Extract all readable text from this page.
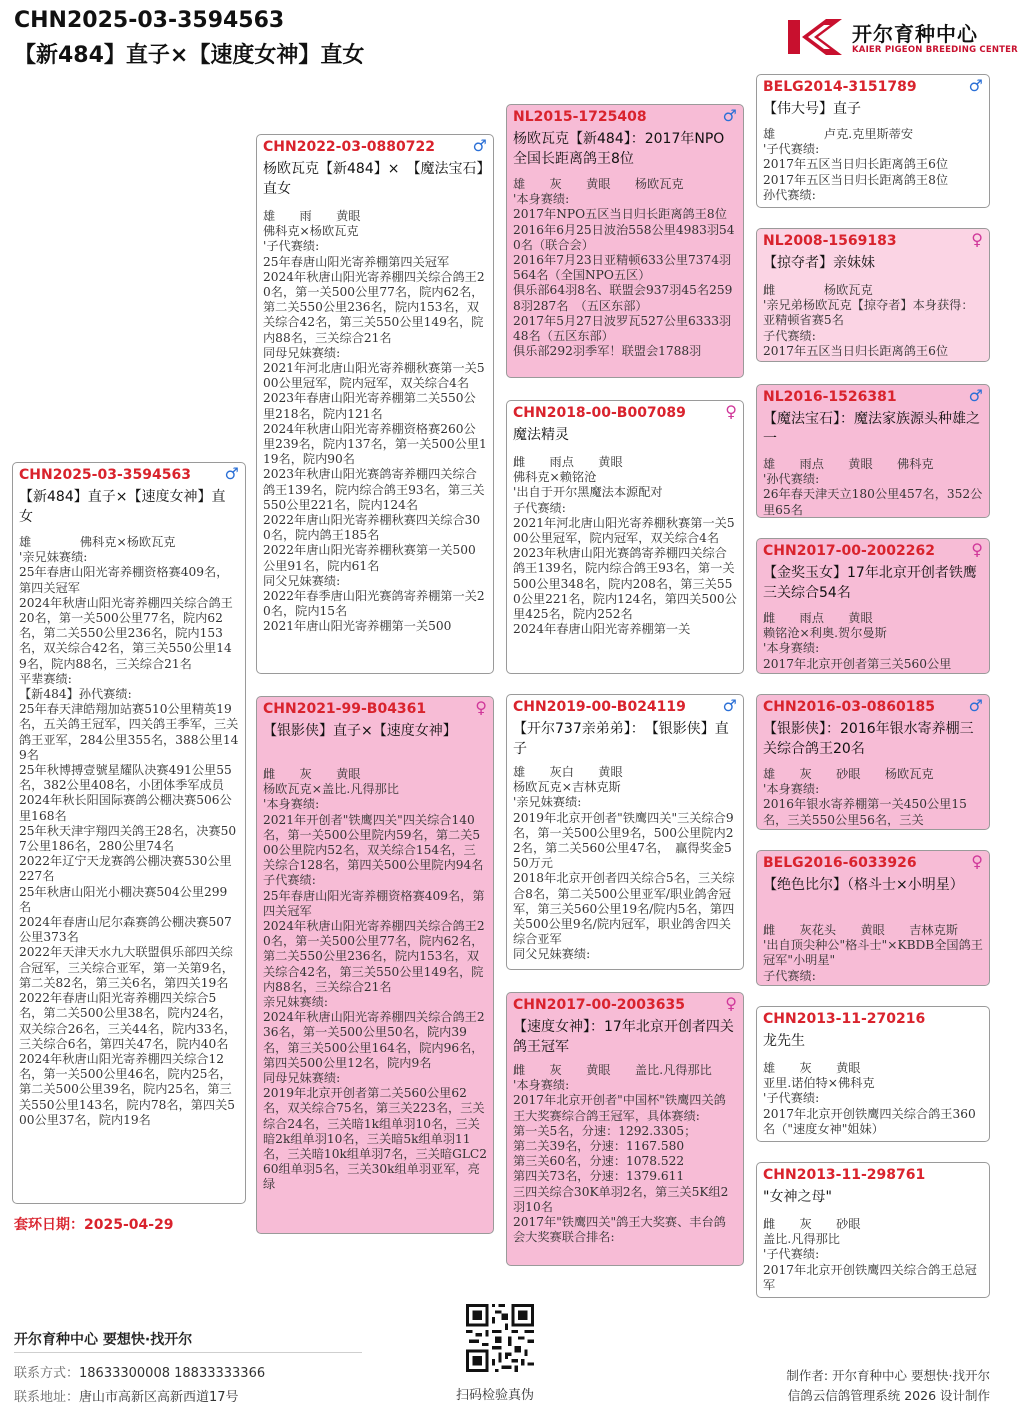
CHN2025-03-3594563
【新484】直子×【速度女神】直女
开尔育种中心
KAIER PIGEON BREEDING CENTER
CHN2025-03-3594563 ♂
【新484】直子×【速度女神】直女
雄　　　　佛科克×杨欧瓦克
'亲兄妹赛绩:
25年春唐山阳光寄养棚资格赛409名，第四关冠军
2024年秋唐山阳光寄养棚四关综合鸽王20名，第一关500公里77名，院内62名，第二关550公里236名，院内153名，双关综合42名，第三关550公里149名，院内88名，三关综合21名
平辈赛绩:
【新484】孙代赛绩:
25年春天津皓翔加站赛510公里精英19名，五关鸽王冠军，四关鸽王季军，三关鸽王亚军，284公里355名，388公里149名
25年秋博搏壹號星耀队决赛491公里55名，382公里408名，小团体季军成员
2024年秋长阳国际赛鸽公棚决赛506公里168名
25年秋天津宇翔四关鸽王28名，决赛507公里186名，280公里74名
2022年辽宁天龙赛鸽公棚决赛530公里227名
25年秋唐山阳光小棚决赛504公里299名
2024年春唐山尼尔森赛鸽公棚决赛507公里373名
2022年天津天水九大联盟俱乐部四关综合冠军，三关综合亚军，第一关第9名，第二关82名，第三关6名，第四关19名
2022年春唐山阳光寄养棚四关综合5名，第二关500公里38名，院内24名，双关综合26名，三关44名，院内33名，三关综合6名，第四关47名，院内40名
2024年秋唐山阳光寄养棚四关综合12名，第一关500公里46名，院内25名，第二关500公里39名，院内25名，第三关550公里143名，院内78名，第四关500公里37名，院内19名
CHN2022-03-0880722 ♂
杨欧瓦克【新484】×　【魔法宝石】直女
雄　　雨　　黄眼
佛科克×杨欧瓦克
'子代赛绩:
25年春唐山阳光寄养棚第四关冠军
2024年秋唐山阳光寄养棚四关综合鸽王20名，第一关500公里77名，院内62名，第二关550公里236名，院内153名，双关综合42名，第三关550公里149名，院内88名，三关综合21名
同母兄妹赛绩:
2021年河北唐山阳光寄养棚秋赛第一关500公里冠军，院内冠军，双关综合4名
2023年春唐山阳光寄养棚第二关550公里218名，院内121名
2024年秋唐山阳光寄养棚资格赛260公里239名，院内137名，第一关500公里119名，院内90名
2023年秋唐山阳光赛鸽寄养棚四关综合鸽王139名，院内综合鸽王93名，第三关550公里221名，院内124名
2022年唐山阳光寄养棚秋赛四关综合300名，院内鸽王185名
2022年唐山阳光寄养棚秋赛第一关500公里91名，院内61名
同父兄妹赛绩:
2022年春季唐山阳光赛鸽寄养棚第一关20名，院内15名
2021年唐山阳光寄养棚第一关500
CHN2021-99-B04361	♀
【银影侠】直子×【速度女神】
雌　　灰　　黄眼
杨欧瓦克×盖比.凡得那比
'本身赛绩:
2021年开创者"铁鹰四关"四关综合140名，第一关500公里院内59名，第二关500公里院内52名，双关综合154名，三关综合128名，第四关500公里院内94名
子代赛绩:
25年春唐山阳光寄养棚资格赛409名，第四关冠军
2024年秋唐山阳光寄养棚四关综合鸽王20名，第一关500公里77名，院内62名，第二关550公里236名，院内153名，双关综合42名，第三关550公里149名，院内88名，三关综合21名
亲兄妹赛绩:
2024年秋唐山阳光寄养棚四关综合鸽王236名，第一关500公里50名，院内39名，第三关500公里164名，院内96名，第四关500公里12名，院内9名
同母兄妹赛绩:
2019年北京开创者第二关560公里62名，双关综合75名，第三关223名，三关综合24名，三关暗1k组单羽10名，三关暗2k组单羽10名，三关暗5k组单羽11名，三关暗10k组单羽7名，三关暗GLC260组单羽5名，三关30k组单羽亚军，亮绿
NL2015-1725408	♂
杨欧瓦克【新484】：2017年NPO全国长距离鸽王8位
雄　　灰　　黄眼　　杨欧瓦克
'本身赛绩:
2017年NPO五区当日归长距离鸽王8位
2016年6月25日波治558公里4983羽540名（联合会）
2016年7月23日亚精顿633公里7374羽564名（全国NPO五区）
俱乐部64羽8名、联盟会937羽45名2598羽287名　（五区东部）
2017年5月27日波罗瓦527公里6333羽48名（五区东部）
俱乐部292羽季军！联盟会1788羽
CHN2018-00-B007089 ♀
魔法精灵
雌　　雨点　　黄眼
佛科克×赖铭沧
'出自于开尔黑魔法本源配对
子代赛绩:
2021年河北唐山阳光寄养棚秋赛第一关500公里冠军，院内冠军，双关综合4名
2023年秋唐山阳光赛鸽寄养棚四关综合鸽王139名，院内综合鸽王93名，第一关500公里348名，院内208名，第三关550公里221名，院内124名，第四关500公里425名，院内252名
2024年春唐山阳光寄养棚第一关
CHN2019-00-B024119 ♂
【开尔737亲弟弟】：　【银影侠】直子
雄　　灰白　　黄眼
杨欧瓦克×吉林克斯
'亲兄妹赛绩:
2019年北京开创者"铁鹰四关"三关综合9名，第一关500公里9名，500公里院内22名，第二关560公里47名，　赢得奖金550万元
2018年北京开创者四关综合5名，三关综合8名，第二关500公里亚军/职业鸽舍冠军，第三关560公里19名/院内5名，第四关500公里9名/院内冠军，职业鸽舍四关综合亚军
同父兄妹赛绩:
CHN2017-00-2003635	♀
【速度女神】：17年北京开创者四关鸽王冠军
雌　　灰　　黄眼　　盖比.凡得那比
'本身赛绩:
2017年北京开创者"中国杯"铁鹰四关鸽王大奖赛综合鸽王冠军，具体赛绩:
第一关5名，分速：1292.3305；
第二关39名，分速：1167.580
第三关60名，分速：1078.522
第四关73名，分速：1379.611
三四关综合30K单羽2名，第三关5K组2羽10名
2017年"铁鹰四关"鸽王大奖赛、丰台鸽会大奖赛联合排名:
BELG2014-3151789	♂
【伟大号】直子
雄　　　　卢克.克里斯蒂安
'子代赛绩:
2017年五区当日归长距离鸽王6位
2017年五区当日归长距离鸽王8位
孙代赛绩:
NL2008-1569183	♀
【掠夺者】亲妹妹
雌　　　　杨欧瓦克
'亲兄弟杨欧瓦克【掠夺者】本身获得：亚精顿省赛5名
子代赛绩:
2017年五区当日归长距离鸽王6位
NL2016-1526381	♂
【魔法宝石】：魔法家族源头种雄之一
雄　　雨点　　黄眼　　佛科克
'孙代赛绩:
26年春天津天立180公里457名，352公里65名
CHN2017-00-2002262 ♀
【金奖玉女】17年北京开创者铁鹰三关综合54名
雌　　雨点　　黄眼
赖铭沧×利奥.贺尔曼斯
'本身赛绩:
2017年北京开创者第三关560公里
CHN2016-03-0860185 ♂
【银影侠】：2016年银水寄养棚三关综合鸽王20名
雄　　灰　　砂眼　　杨欧瓦克
'本身赛绩:
2016年银水寄养棚第一关450公里15名，三关550公里56名，三关
BELG2016-6033926	♀
【绝色比尔】（格斗士×小明星）
雌　　灰花头　　黄眼　　吉林克斯
'出自顶尖种公"格斗士"×KBDB全国鸽王冠军"小明星"
子代赛绩:
CHN2013-11-270216
龙先生
雄　　灰　　黄眼
亚里.诺伯特×佛科克
'子代赛绩:
2017年北京开创铁鹰四关综合鸽王360名（"速度女神"姐妹）
CHN2013-11-298761
"女神之母"
雌　　灰　　砂眼
盖比.凡得那比
'子代赛绩:
2017年北京开创铁鹰四关综合鸽王总冠军
套环日期：2025-04-29
开尔育种中心 要想快·找开尔
联系方式：18633300008 18833333366
联系地址：唐山市高新区高新西道17号	扫码检验真伪
制作者: 开尔育种中心 要想快·找开尔
信鸽云信鸽管理系统 2026 设计制作
